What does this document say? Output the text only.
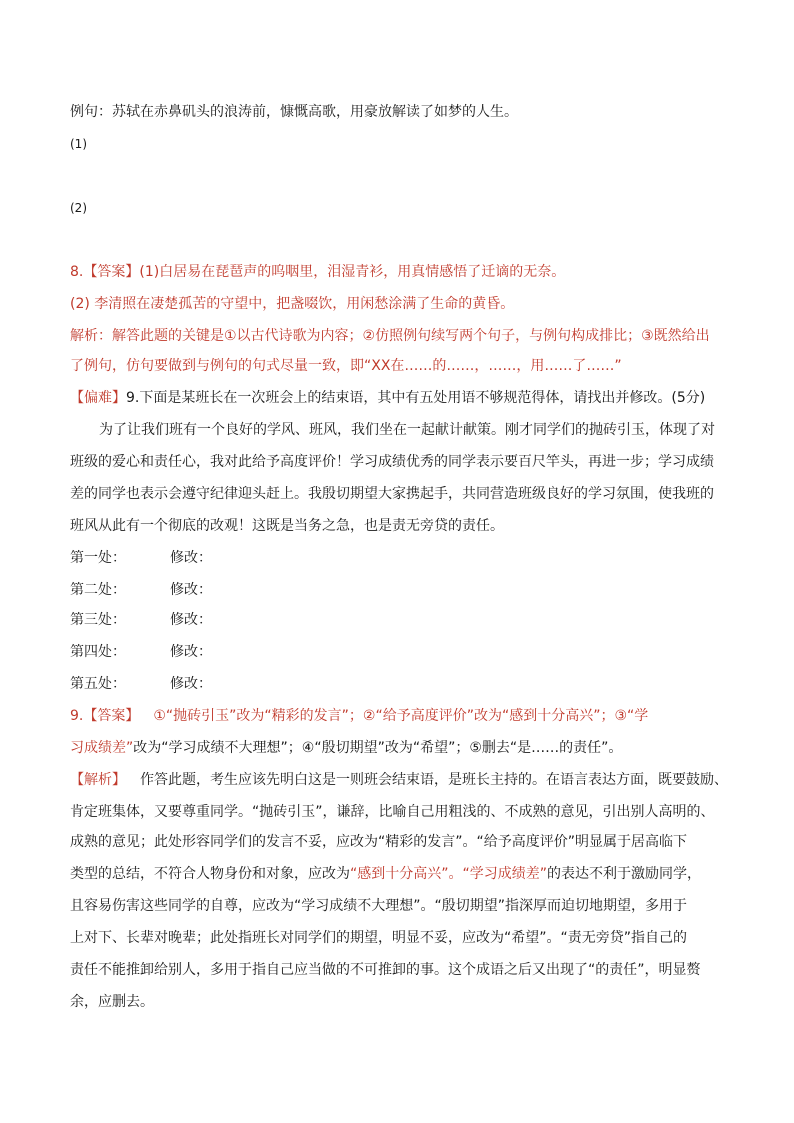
例句：苏轼在赤鼻矶头的浪涛前，慷慨高歌，用豪放解读了如梦的人生。
(1)
(2)
8.【答案】(1)白居易在琵琶声的呜咽里，泪湿青衫，用真情感悟了迁谪的无奈。
(2) 李清照在凄楚孤苦的守望中，把盏啜饮，用闲愁涂满了生命的黄昏。
解析：解答此题的关键是①以古代诗歌为内容；②仿照例句续写两个句子，与例句构成排比；③既然给出
了例句，仿句要做到与例句的句式尽量一致，即“XX在……的……，……，用……了……”
【偏难】9.下面是某班长在一次班会上的结束语，其中有五处用语不够规范得体，请找出并修改。(5分)
为了让我们班有一个良好的学风、班风，我们坐在一起献计献策。刚才同学们的抛砖引玉，体现了对
班级的爱心和责任心，我对此给予高度评价！学习成绩优秀的同学表示要百尺竿头，再进一步；学习成绩
差的同学也表示会遵守纪律迎头赶上。我殷切期望大家携起手，共同营造班级良好的学习氛围，使我班的
班风从此有一个彻底的改观！这既是当务之急，也是责无旁贷的责任。
第一处：	修改：
第二处：	修改：
第三处：	修改：
第四处：	修改：
第五处：	修改：
9.【答案】 ①“抛砖引玉”改为“精彩的发言”；②“给予高度评价”改为“感到十分高兴”；③“学
习成绩差”改为“学习成绩不大理想”；④“殷切期望”改为“希望”；⑤删去“是……的责任”。
【解析】 作答此题，考生应该先明白这是一则班会结束语，是班长主持的。在语言表达方面，既要鼓励、
肯定班集体，又要尊重同学。“抛砖引玉”，谦辞，比喻自己用粗浅的、不成熟的意见，引出别人高明的、
成熟的意见；此处形容同学们的发言不妥，应改为“精彩的发言”。“给予高度评价”明显属于居高临下
类型的总结，不符合人物身份和对象，应改为“感到十分高兴”。“学习成绩差”的表达不利于激励同学，
且容易伤害这些同学的自尊，应改为“学习成绩不大理想”。“殷切期望”指深厚而迫切地期望，多用于
上对下、长辈对晚辈；此处指班长对同学们的期望，明显不妥，应改为“希望”。“责无旁贷”指自己的
责任不能推卸给别人，多用于指自己应当做的不可推卸的事。这个成语之后又出现了“的责任”，明显赘
余，应删去。
